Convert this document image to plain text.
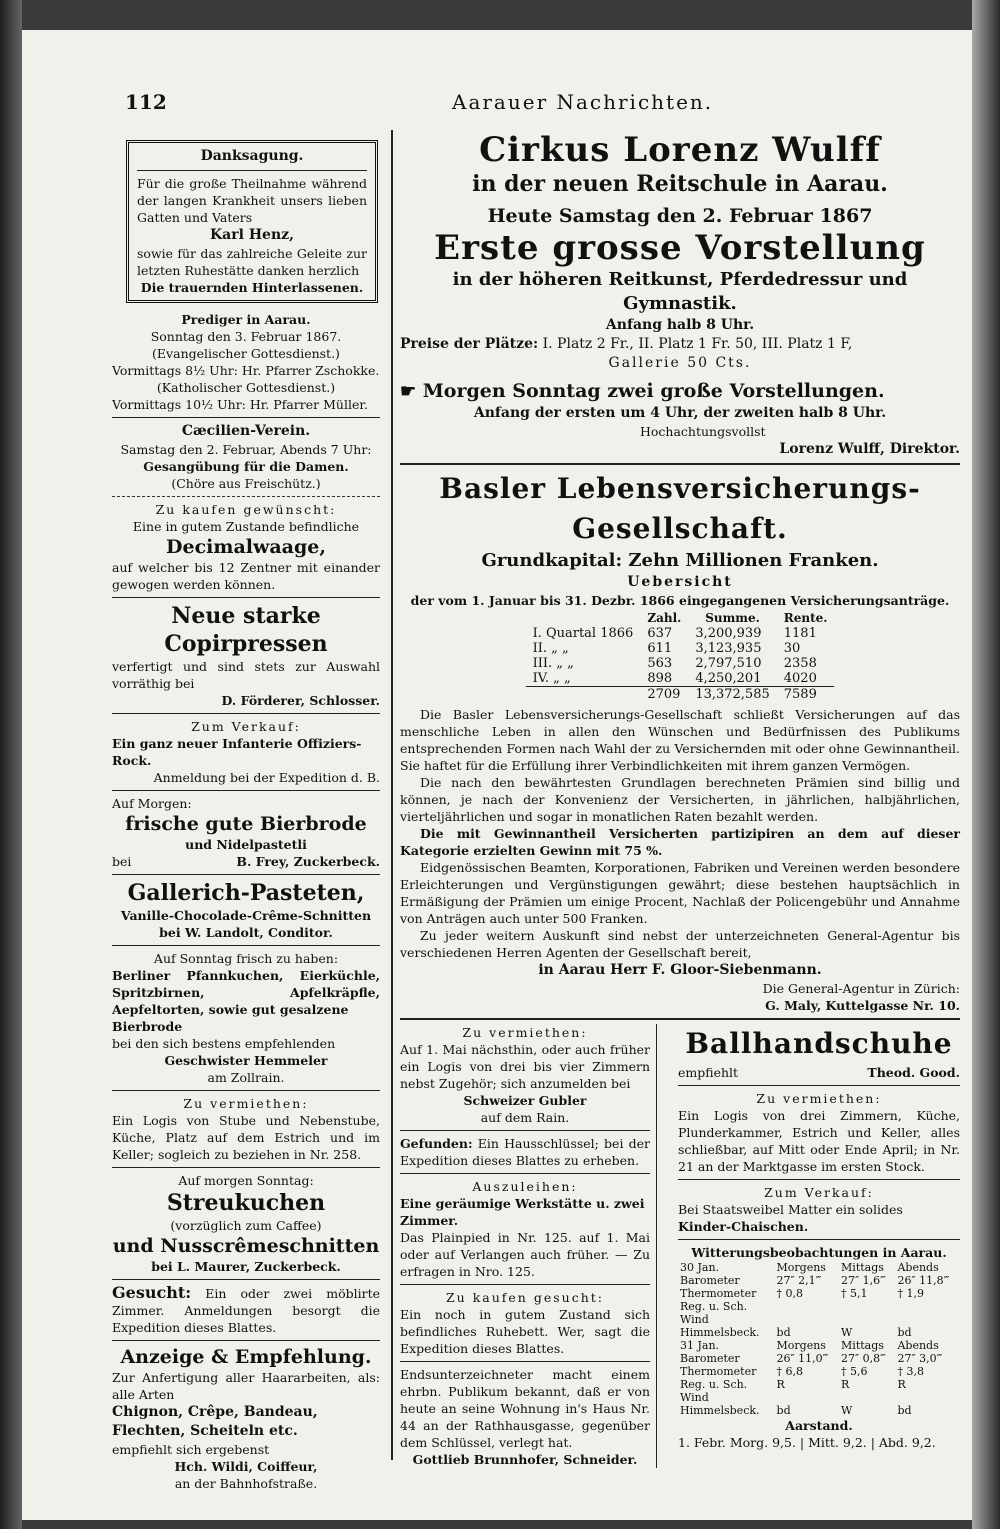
112	Aarauer Nachrichten.
Danksagung.
Für die große Theilnahme während der langen Krankheit unsers lieben Gatten und Vaters
Karl Henz,
sowie für das zahlreiche Geleite zur letzten Ruhestätte danken herzlich
Die trauernden Hinterlassenen.
Prediger in Aarau.
Sonntag den 3. Februar 1867.
(Evangelischer Gottesdienst.)
Vormittags 8½ Uhr: Hr. Pfarrer Zschokke.
(Katholischer Gottesdienst.)
Vormittags 10½ Uhr: Hr. Pfarrer Müller.
Cæcilien-Verein.
Samstag den 2. Februar, Abends 7 Uhr:
Gesangübung für die Damen.
(Chöre aus Freischütz.)
Zu kaufen gewünscht:
Eine in gutem Zustande befindliche
Decimalwaage,
auf welcher bis 12 Zentner mit einander gewogen werden können.
Neue starke Copirpressen
verfertigt und sind stets zur Auswahl vorräthig bei
D. Förderer, Schlosser.
Zum Verkauf:
Ein ganz neuer Infanterie Offiziers-Rock.
Anmeldung bei der Expedition d. B.
Auf Morgen:
frische gute Bierbrode
und Nidelpastetli
bei	B. Frey, Zuckerbeck.
Gallerich-Pasteten,
Vanille-Chocolade-Crême-Schnitten
bei W. Landolt, Conditor.
Auf Sonntag frisch zu haben:
Berliner Pfannkuchen, Eierküchle, Spritzbirnen, Apfelkräpfle, Aepfeltorten, sowie gut gesalzene
Bierbrode
bei den sich bestens empfehlenden
Geschwister Hemmeler
am Zollrain.
Zu vermiethen:
Ein Logis von Stube und Nebenstube, Küche, Platz auf dem Estrich und im Keller; sogleich zu beziehen in Nr. 258.
Auf morgen Sonntag:
Streukuchen
(vorzüglich zum Caffee)
und Nusscrêmeschnitten
bei L. Maurer, Zuckerbeck.
Gesucht: Ein oder zwei möblirte Zimmer. Anmeldungen besorgt die Expedition dieses Blattes.
Anzeige & Empfehlung.
Zur Anfertigung aller Haararbeiten, als: alle Arten
Chignon, Crêpe, Bandeau, Flechten, Scheiteln etc.
empfiehlt sich ergebenst
Hch. Wildi, Coiffeur,
an der Bahnhofstraße.
Cirkus Lorenz Wulff
in der neuen Reitschule in Aarau.
Heute Samstag den 2. Februar 1867
Erste grosse Vorstellung
in der höheren Reitkunst, Pferdedressur und Gymnastik.
Anfang halb 8 Uhr.
Preise der Plätze: I. Platz 2 Fr., II. Platz 1 Fr. 50, III. Platz 1 F,
Gallerie 50 Cts.
☛ Morgen Sonntag zwei große Vorstellungen.
Anfang der ersten um 4 Uhr, der zweiten halb 8 Uhr.
Hochachtungsvollst
Lorenz Wulff, Direktor.
Basler Lebensversicherungs-Gesellschaft.
Grundkapital: Zehn Millionen Franken.
Uebersicht
der vom 1. Januar bis 31. Dezbr. 1866 eingegangenen Versicherungsanträge.
	Zahl.	Summe.	Rente.
I. Quartal 1866	637	3,200,939	1181
II. „ „	611	3,123,935	30
III. „ „	563	2,797,510	2358
IV. „ „	898	4,250,201	4020
	2709	13,372,585	7589
Die Basler Lebensversicherungs-Gesellschaft schließt Versicherungen auf das menschliche Leben in allen den Wünschen und Bedürfnissen des Publikums entsprechenden Formen nach Wahl der zu Versichernden mit oder ohne Gewinnantheil. Sie haftet für die Erfüllung ihrer Verbindlichkeiten mit ihrem ganzen Vermögen.
Die nach den bewährtesten Grundlagen berechneten Prämien sind billig und können, je nach der Konvenienz der Versicherten, in jährlichen, halbjährlichen, vierteljährlichen und sogar in monatlichen Raten bezahlt werden.
Die mit Gewinnantheil Versicherten partizipiren an dem auf dieser Kategorie erzielten Gewinn mit 75 %.
Eidgenössischen Beamten, Korporationen, Fabriken und Vereinen werden besondere Erleichterungen und Vergünstigungen gewährt; diese bestehen hauptsächlich in Ermäßigung der Prämien um einige Procent, Nachlaß der Policengebühr und Annahme von Anträgen auch unter 500 Franken.
Zu jeder weitern Auskunft sind nebst der unterzeichneten General-Agentur bis verschiedenen Herren Agenten der Gesellschaft bereit,
in Aarau Herr F. Gloor-Siebenmann.
Die General-Agentur in Zürich:
G. Maly, Kuttelgasse Nr. 10.
Zu vermiethen:
Auf 1. Mai nächsthin, oder auch früher ein Logis von drei bis vier Zimmern nebst Zugehör; sich anzumelden bei
Schweizer Gubler
auf dem Rain.
Gefunden: Ein Hausschlüssel; bei der Expedition dieses Blattes zu erheben.
Auszuleihen:
Eine geräumige Werkstätte u. zwei Zimmer.
Das Plainpied in Nr. 125. auf 1. Mai oder auf Verlangen auch früher. — Zu erfragen in Nro. 125.
Zu kaufen gesucht:
Ein noch in gutem Zustand sich befindliches Ruhebett. Wer, sagt die Expedition dieses Blattes.
Endsunterzeichneter macht einem ehrbn. Publikum bekannt, daß er von heute an seine Wohnung in's Haus Nr. 44 an der Rathhausgasse, gegenüber dem Schlüssel, verlegt hat.
Gottlieb Brunnhofer, Schneider.
Ballhandschuhe
empfiehlt	Theod. Good.
Zu vermiethen:
Ein Logis von drei Zimmern, Küche, Plunderkammer, Estrich und Keller, alles schließbar, auf Mitt oder Ende April; in Nr. 21 an der Marktgasse im ersten Stock.
Zum Verkauf:
Bei Staatsweibel Matter ein solides
Kinder-Chaischen.
Witterungsbeobachtungen in Aarau.
30 Jan.	Morgens	Mittags	Abends
Barometer	27″ 2,1‴	27″ 1,6‴	26″ 11,8‴
Thermometer	† 0,8	† 5,1	† 1,9
Reg. u. Sch.			
Wind			
Himmelsbeck.	bd	W	bd
31 Jan.	Morgens	Mittags	Abends
Barometer	26″ 11,0‴	27″ 0,8‴	27″ 3,0‴
Thermometer	† 6,8	† 5,6	† 3,8
Reg. u. Sch.	R	R	R
Wind			
Himmelsbeck.	bd	W	bd
Aarstand.
1. Febr. Morg. 9,5. | Mitt. 9,2. | Abd. 9,2.
